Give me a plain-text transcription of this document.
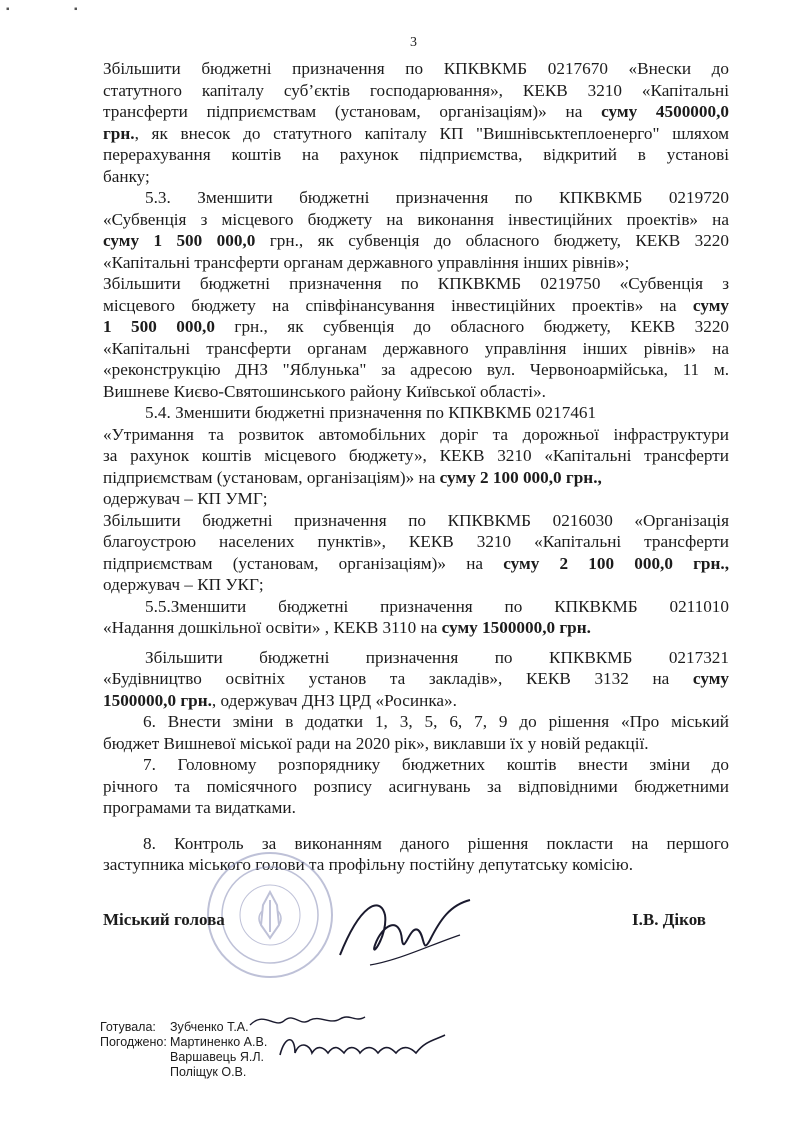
▪	▪
3

Збільшити бюджетні призначення по КПКВКМБ 0217670 «Внески до

статутного капіталу суб’єктів господарювання», КЕКВ 3210 «Капітальні

трансферти підприємствам (установам, організаціям)» на суму 4500000,0

грн., як внесок до статутного капіталу КП "Вишнівськтеплоенерго" шляхом

перерахування коштів на рахунок підприємства, відкритий в установі

банку;

5.3. Зменшити бюджетні призначення по КПКВКМБ 0219720

«Субвенція з місцевого бюджету на виконання інвестиційних проектів» на

суму 1 500 000,0 грн., як субвенція до обласного бюджету, КЕКВ 3220

«Капітальні трансферти органам державного управління інших рівнів»;

Збільшити бюджетні призначення по КПКВКМБ 0219750 «Субвенція з

місцевого бюджету на співфінансування інвестиційних проектів» на суму

1 500 000,0 грн., як субвенція до обласного бюджету, КЕКВ 3220

«Капітальні трансферти органам державного управління інших рівнів» на

«реконструкцію ДНЗ "Яблунька" за адресою вул. Червоноармійська, 11 м.

Вишневе Києво-Святошинського району Київської області».

5.4. Зменшити бюджетні призначення по КПКВКМБ 0217461

«Утримання та розвиток автомобільних доріг та дорожньої інфраструктури

за рахунок коштів місцевого бюджету», КЕКВ 3210 «Капітальні трансферти

підприємствам (установам, організаціям)» на суму 2 100 000,0 грн.,

одержувач – КП УМГ;

Збільшити бюджетні призначення по КПКВКМБ 0216030 «Організація

благоустрою населених пунктів», КЕКВ 3210 «Капітальні трансферти

підприємствам (установам, організаціям)» на суму 2 100 000,0 грн.,

одержувач – КП УКГ;

5.5.Зменшити бюджетні призначення по КПКВКМБ 0211010

«Надання дошкільної освіти» , КЕКВ 3110 на суму 1500000,0 грн.

Збільшити бюджетні призначення по КПКВКМБ 0217321

«Будівництво освітніх установ та закладів», КЕКВ 3132 на суму

1500000,0 грн., одержувач ДНЗ ЦРД «Росинка».

6. Внести зміни в додатки 1, 3, 5, 6, 7, 9 до рішення «Про міський

бюджет Вишневої міської ради на 2020 рік», виклавши їх у новій редакції.

7. Головному розпоряднику бюджетних коштів внести зміни до

річного та помісячного розпису асигнувань за відповідними бюджетними

програмами та видатками.

8. Контроль за виконанням даного рішення покласти на першого

заступника міського голови та профільну постійну депутатську комісію.

Міський голова	І.В. Діков
Готувала:	Зубченко Т.А.
Погоджено: Мартиненко А.В.
Варшавець Я.Л.
Поліщук О.В.
